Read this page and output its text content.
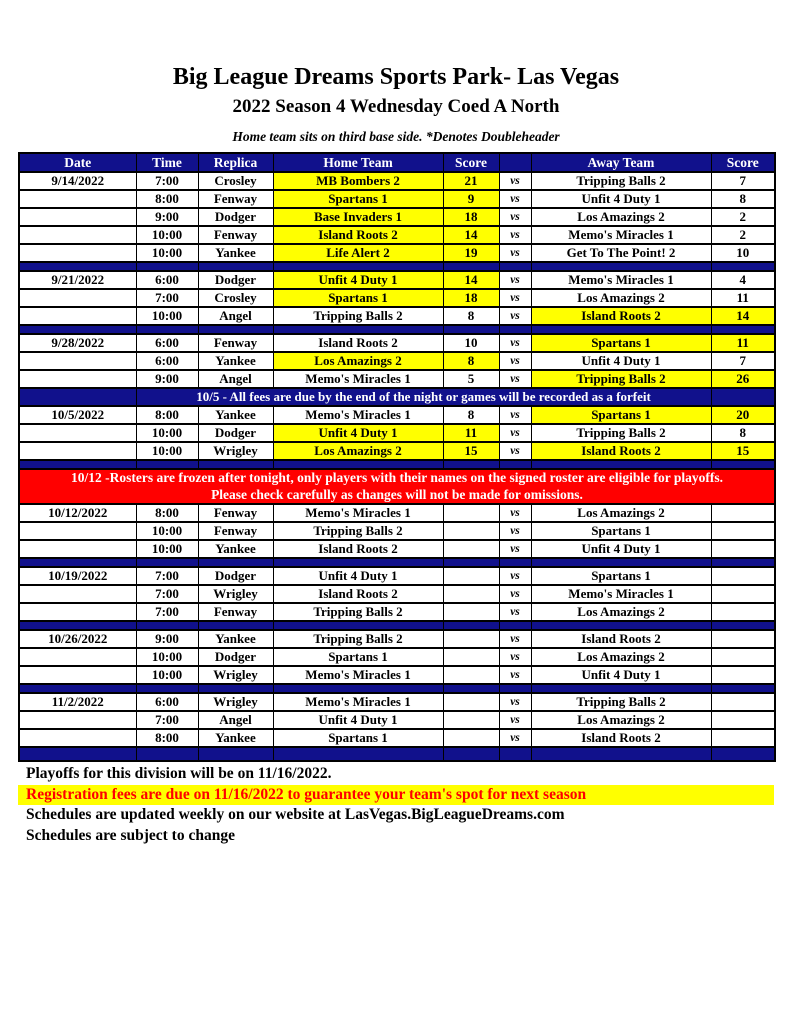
Big League Dreams Sports Park- Las Vegas
2022 Season 4 Wednesday Coed A North
Home team sits on third base side. *Denotes Doubleheader
Date	Time	Replica	Home Team	Score		Away Team	Score
9/14/2022	7:00	Crosley	MB Bombers 2	21	vs	Tripping Balls 2	7
	8:00	Fenway	Spartans 1	9	vs	Unfit 4 Duty 1	8
	9:00	Dodger	Base Invaders 1	18	vs	Los Amazings 2	2
	10:00	Fenway	Island Roots 2	14	vs	Memo's Miracles 1	2
	10:00	Yankee	Life Alert 2	19	vs	Get To The Point! 2	10

9/21/2022	6:00	Dodger	Unfit 4 Duty 1	14	vs	Memo's Miracles 1	4
	7:00	Crosley	Spartans 1	18	vs	Los Amazings 2	11
	10:00	Angel	Tripping Balls 2	8	vs	Island Roots 2	14

9/28/2022	6:00	Fenway	Island Roots 2	10	vs	Spartans 1	11
	6:00	Yankee	Los Amazings 2	8	vs	Unfit 4 Duty 1	7
	9:00	Angel	Memo's Miracles 1	5	vs	Tripping Balls 2	26
	10/5 - All fees are due by the end of the night or games will be recorded as a forfeit						
10/5/2022	8:00	Yankee	Memo's Miracles 1	8	vs	Spartans 1	20
	10:00	Dodger	Unfit 4 Duty 1	11	vs	Tripping Balls 2	8
	10:00	Wrigley	Los Amazings 2	15	vs	Island Roots 2	15

10/12 -Rosters are frozen after tonight, only players with their names on the signed roster are eligible for playoffs.
Please check carefully as changes will not be made for omissions.							

10/12/2022	8:00	Fenway	Memo's Miracles 1		vs	Los Amazings 2	
	10:00	Fenway	Tripping Balls 2		vs	Spartans 1	
	10:00	Yankee	Island Roots 2		vs	Unfit 4 Duty 1	

10/19/2022	7:00	Dodger	Unfit 4 Duty 1		vs	Spartans 1	
	7:00	Wrigley	Island Roots 2		vs	Memo's Miracles 1	
	7:00	Fenway	Tripping Balls 2		vs	Los Amazings 2	

10/26/2022	9:00	Yankee	Tripping Balls 2		vs	Island Roots 2	
	10:00	Dodger	Spartans 1		vs	Los Amazings 2	
	10:00	Wrigley	Memo's Miracles 1		vs	Unfit 4 Duty 1	

11/2/2022	6:00	Wrigley	Memo's Miracles 1		vs	Tripping Balls 2	
	7:00	Angel	Unfit 4 Duty 1		vs	Los Amazings 2	
	8:00	Yankee	Spartans 1		vs	Island Roots 2	

Playoffs for this division will be on 11/16/2022.
Registration fees are due on 11/16/2022 to guarantee your team's spot for next season
Schedules are updated weekly on our website at LasVegas.BigLeagueDreams.com
Schedules are subject to change
